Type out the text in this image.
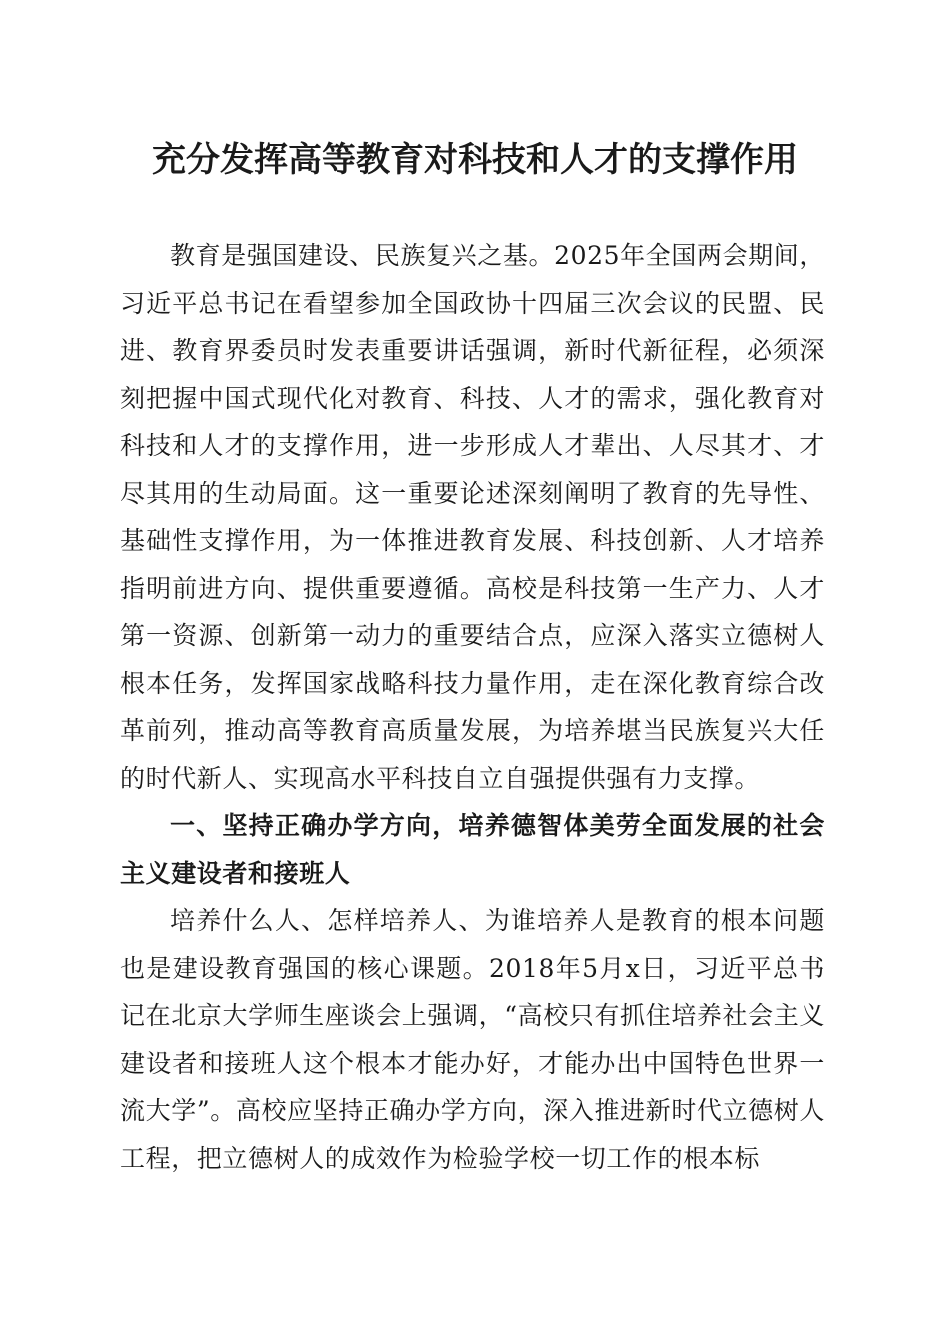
充分发挥高等教育对科技和人才的支撑作用

教育是强国建设、民族复兴之基。2025年全国两会期间，习近平总书记在看望参加全国政协十四届三次会议的民盟、民进、教育界委员时发表重要讲话强调，新时代新征程，必须深刻把握中国式现代化对教育、科技、人才的需求，强化教育对科技和人才的支撑作用，进一步形成人才辈出、人尽其才、才尽其用的生动局面。这一重要论述深刻阐明了教育的先导性、基础性支撑作用，为一体推进教育发展、科技创新、人才培养指明前进方向、提供重要遵循。高校是科技第一生产力、人才第一资源、创新第一动力的重要结合点，应深入落实立德树人根本任务，发挥国家战略科技力量作用，走在深化教育综合改革前列，推动高等教育高质量发展，为培养堪当民族复兴大任的时代新人、实现高水平科技自立自强提供强有力支撑。

一、坚持正确办学方向，培养德智体美劳全面发展的社会主义建设者和接班人

培养什么人、怎样培养人、为谁培养人是教育的根本问题也是建设教育强国的核心课题。2018年5月x日，习近平总书记在北京大学师生座谈会上强调，“高校只有抓住培养社会主义建设者和接班人这个根本才能办好，才能办出中国特色世界一流大学”。高校应坚持正确办学方向，深入推进新时代立德树人工程，把立德树人的成效作为检验学校一切工作的根本标
